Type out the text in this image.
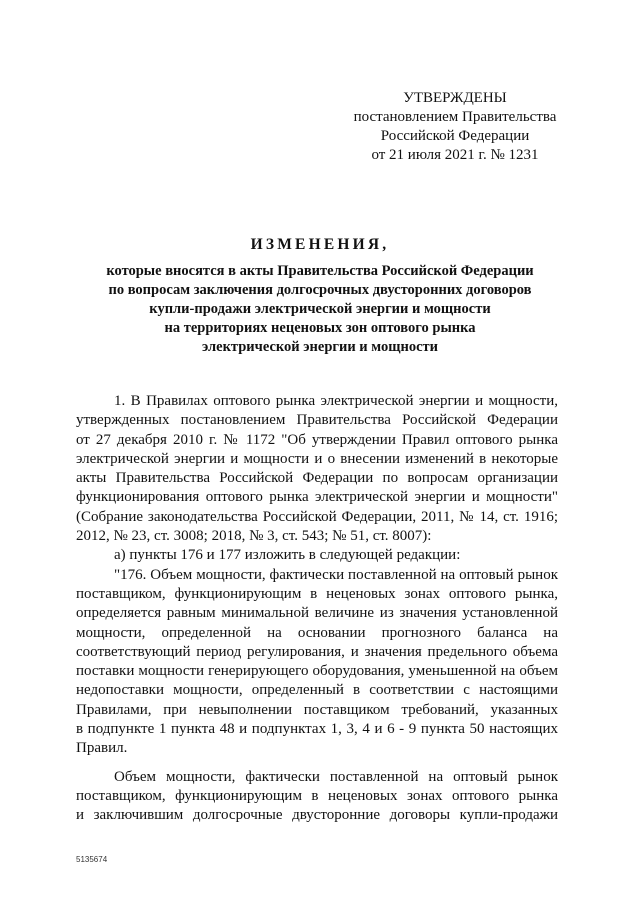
УТВЕРЖДЕНЫ
постановлением Правительства
Российской Федерации
от 21 июля 2021 г. № 1231
ИЗМЕНЕНИЯ,
которые вносятся в акты Правительства Российской Федерации
по вопросам заключения долгосрочных двусторонних договоров
купли-продажи электрической энергии и мощности
на территориях неценовых зон оптового рынка
электрической энергии и мощности
1. В Правилах оптового рынка электрической энергии и мощности,
утвержденных постановлением Правительства Российской Федерации
от 27 декабря 2010 г. № 1172 "Об утверждении Правил оптового рынка
электрической энергии и мощности и о внесении изменений в некоторые
акты Правительства Российской Федерации по вопросам организации
функционирования оптового рынка электрической энергии и мощности"
(Собрание законодательства Российской Федерации, 2011, № 14, ст. 1916;
2012, № 23, ст. 3008; 2018, № 3, ст. 543; № 51, ст. 8007):
а) пункты 176 и 177 изложить в следующей редакции:
"176. Объем мощности, фактически поставленной на оптовый рынок
поставщиком, функционирующим в неценовых зонах оптового рынка,
определяется равным минимальной величине из значения установленной
мощности, определенной на основании прогнозного баланса на
соответствующий период регулирования, и значения предельного объема
поставки мощности генерирующего оборудования, уменьшенной на объем
недопоставки мощности, определенный в соответствии с настоящими
Правилами, при невыполнении поставщиком требований, указанных
в подпункте 1 пункта 48 и подпунктах 1, 3, 4 и 6 - 9 пункта 50 настоящих
Правил.
Объем мощности, фактически поставленной на оптовый рынок
поставщиком, функционирующим в неценовых зонах оптового рынка
и заключившим долгосрочные двусторонние договоры купли-продажи
5135674
